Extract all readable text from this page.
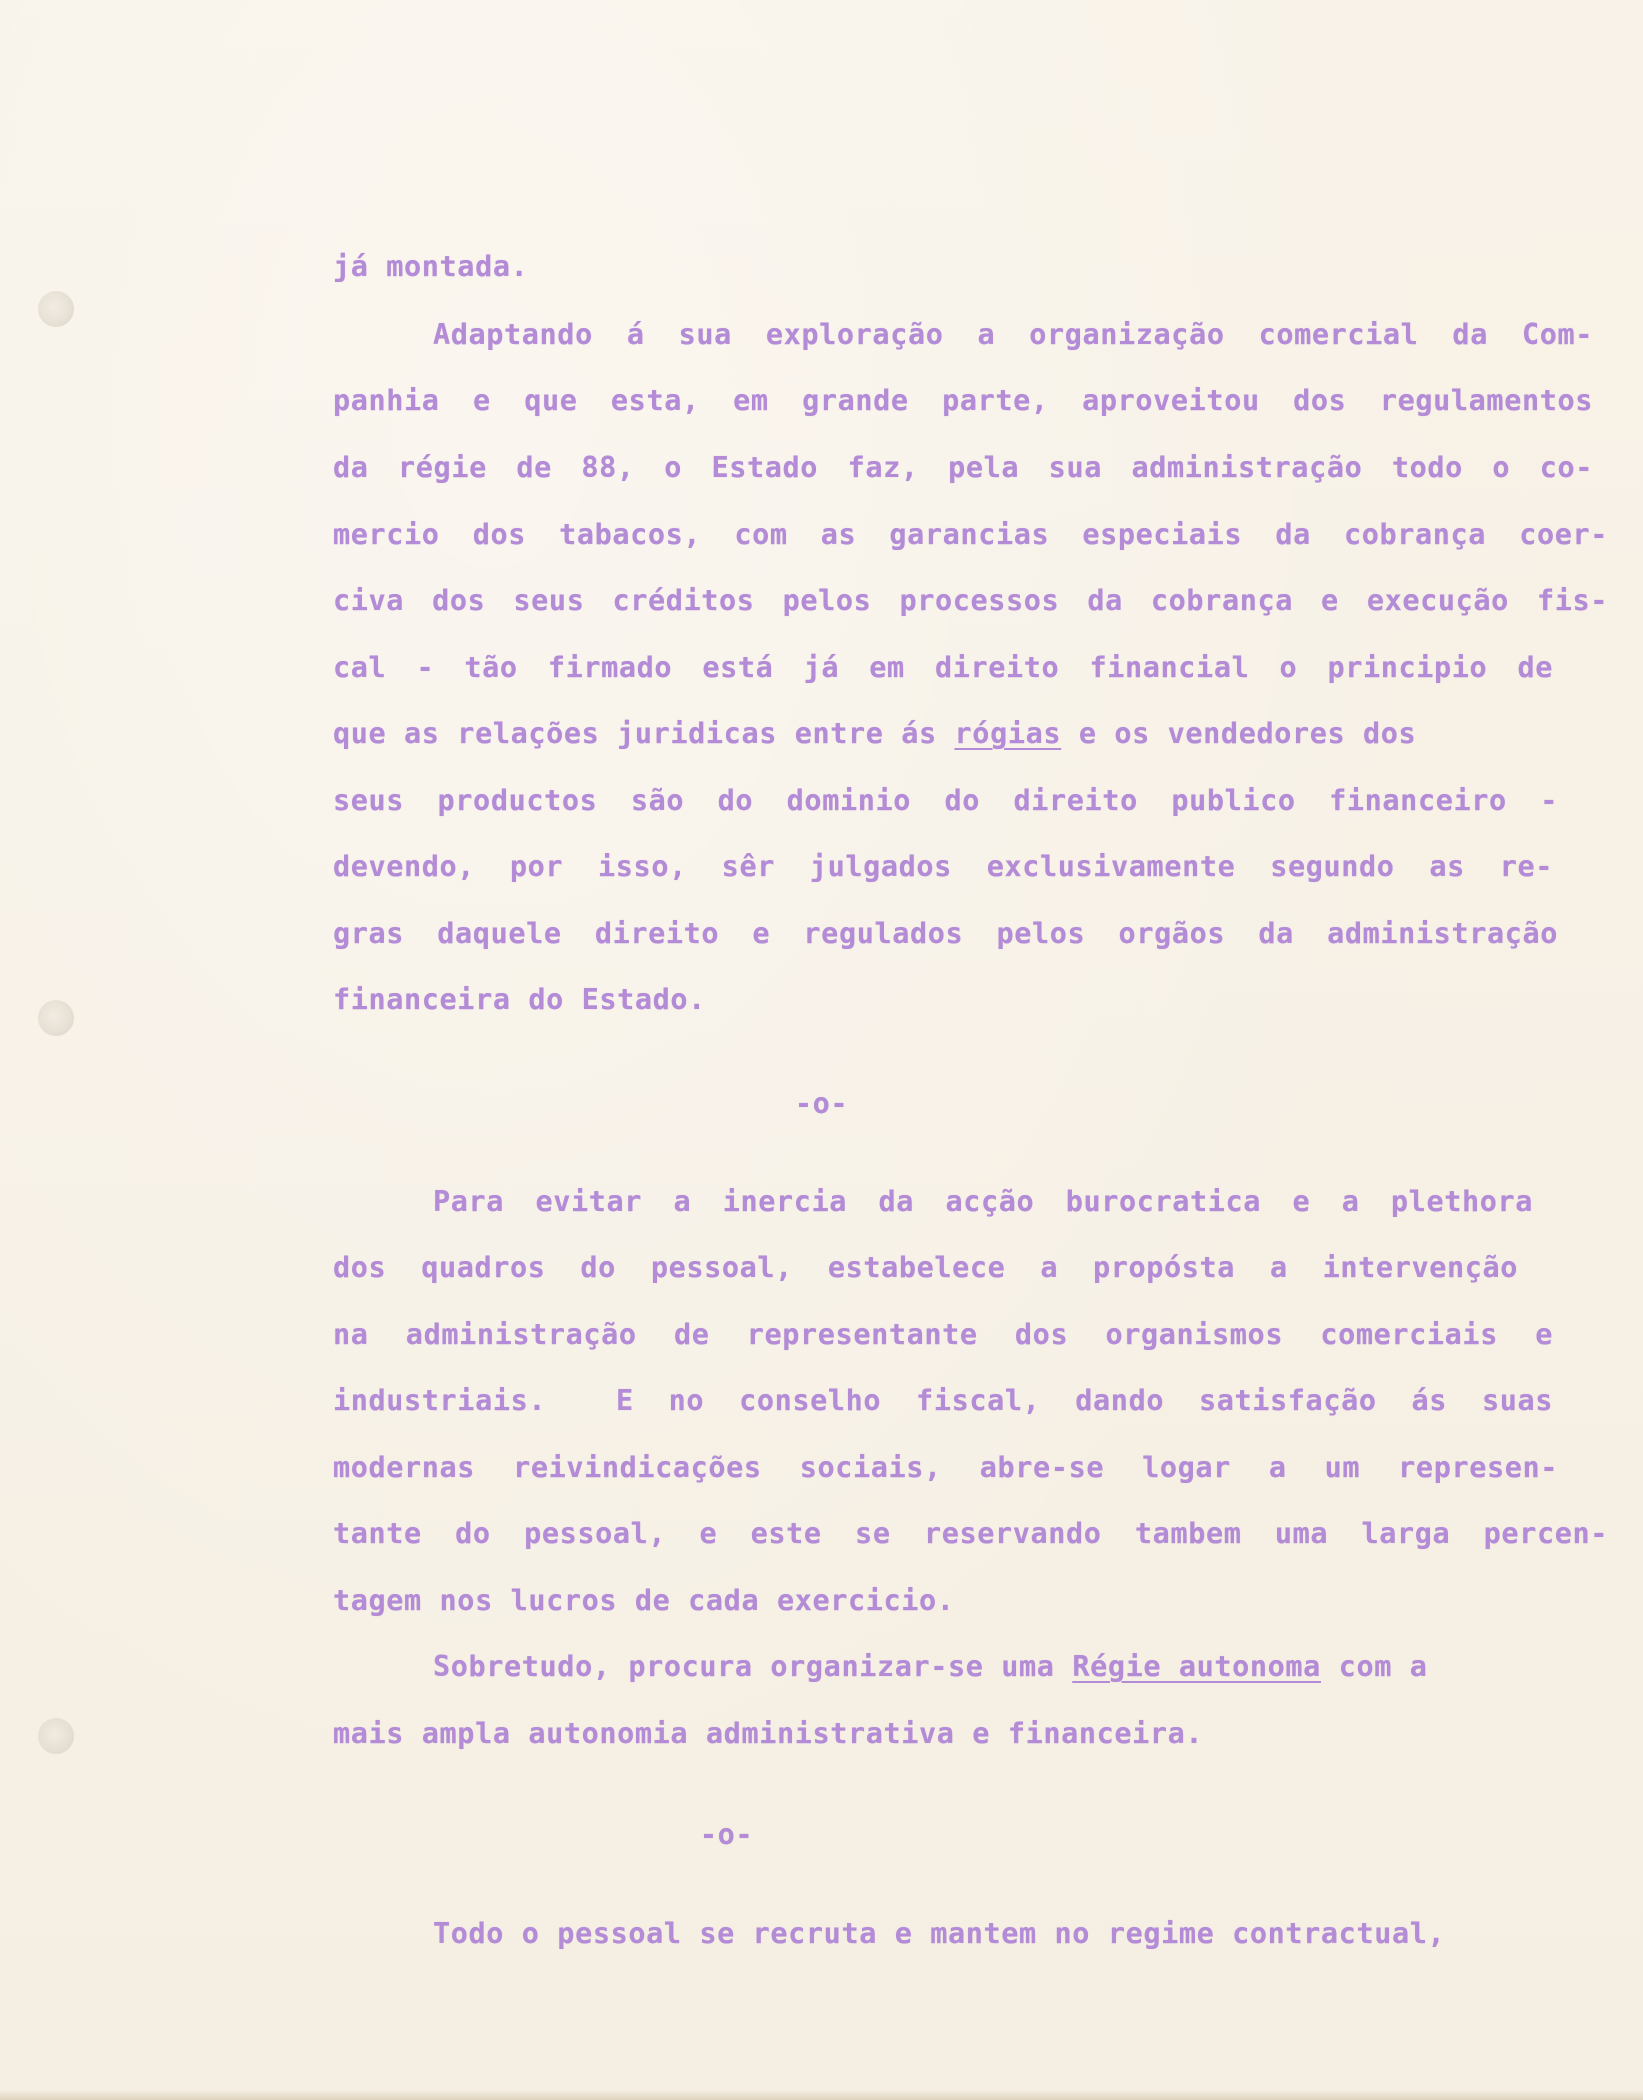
já montada.
Adaptando á sua exploração a organização comercial da Com-
panhia e que esta, em grande parte, aproveitou dos regulamentos
da régie de 88, o Estado faz, pela sua administração todo o co-
mercio dos tabacos, com as garancias especiais da cobrança coer-
civa dos seus créditos pelos processos da cobrança e execução fis-
cal - tão firmado está já em direito financial o principio de
que as relações juridicas entre ás rógias e os vendedores dos
seus productos são do dominio do direito publico financeiro -
devendo, por isso, sêr julgados exclusivamente segundo as re-
gras daquele direito e regulados pelos orgãos da administração
financeira do Estado.
-o-
Para evitar a inercia da acção burocratica e a plethora
dos quadros do pessoal, estabelece a propósta a intervenção
na administração de representante dos organismos comerciais e
industriais.  E no conselho fiscal, dando satisfação ás suas
modernas reivindicações sociais, abre-se logar a um represen-
tante do pessoal, e este se reservando tambem uma larga percen-
tagem nos lucros de cada exercicio.
Sobretudo, procura organizar-se uma Régie autonoma com a
mais ampla autonomia administrativa e financeira.
-o-
Todo o pessoal se recruta e mantem no regime contractual,
